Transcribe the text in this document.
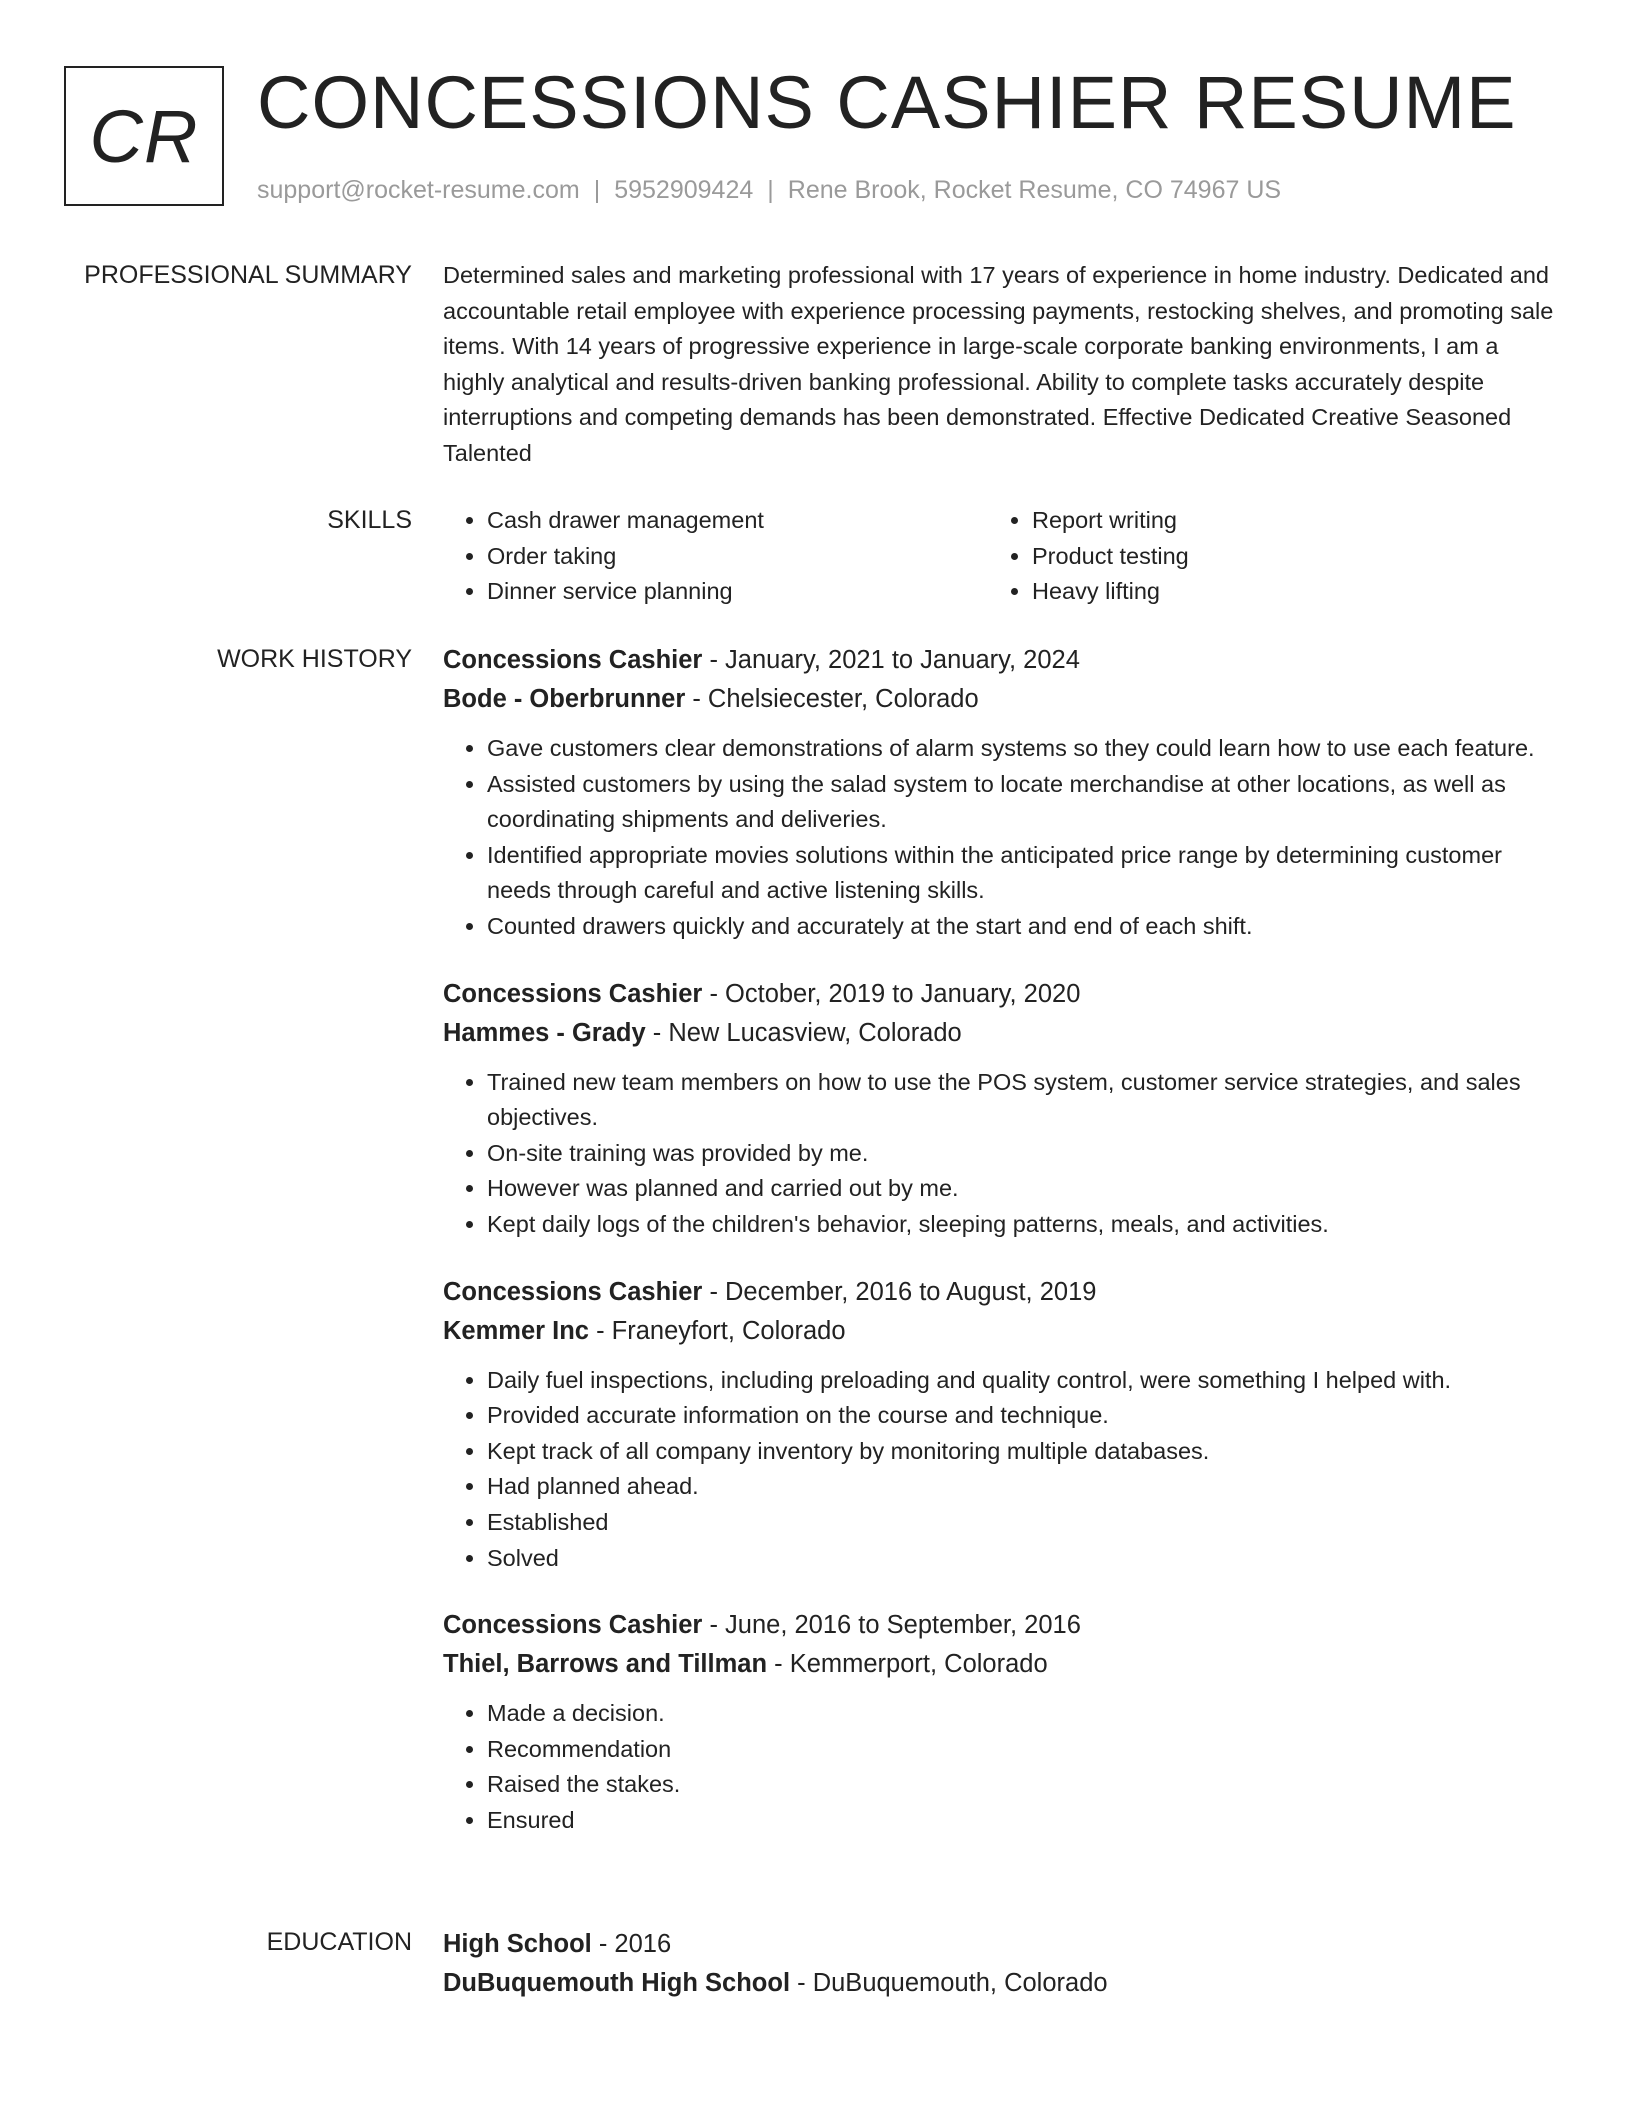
CR CONCESSIONS CASHIER RESUME
support@rocket-resume.com | 5952909424 | Rene Brook, Rocket Resume, CO 74967 US
PROFESSIONAL SUMMARY Determined sales and marketing professional with 17 years of experience in home industry. Dedicated and accountable retail employee with experience processing payments, restocking shelves, and promoting sale items. With 14 years of progressive experience in large-scale corporate banking environments, I am a highly analytical and results-driven banking professional. Ability to complete tasks accurately despite interruptions and competing demands has been demonstrated. Effective Dedicated Creative Seasoned Talented

SKILLS
•	Cash drawer management
• Order taking
• Dinner service planning
• Report writing
• Product testing
• Heavy lifting
WORK HISTORY Concessions Cashier - January, 2021 to January, 2024
Bode - Oberbrunner - Chelsiecester, Colorado
• Gave customers clear demonstrations of alarm systems so they could learn how to use each feature.
• Assisted customers by using the salad system to locate merchandise at other locations, as well as coordinating shipments and deliveries.
• Identified appropriate movies solutions within the anticipated price range by determining customer needs through careful and active listening skills.
• Counted drawers quickly and accurately at the start and end of each shift.
Concessions Cashier - October, 2019 to January, 2020
Hammes - Grady - New Lucasview, Colorado
• Trained new team members on how to use the POS system, customer service strategies, and sales objectives.
• On-site training was provided by me.
• However was planned and carried out by me.
• Kept daily logs of the children's behavior, sleeping patterns, meals, and activities.
Concessions Cashier - December, 2016 to August, 2019
Kemmer Inc - Franeyfort, Colorado
• Daily fuel inspections, including preloading and quality control, were something I helped with.
• Provided accurate information on the course and technique.
• Kept track of all company inventory by monitoring multiple databases.
• Had planned ahead.
• Established
• Solved
Concessions Cashier - June, 2016 to September, 2016
Thiel, Barrows and Tillman - Kemmerport, Colorado
• Made a decision.
• Recommendation
• Raised the stakes.
• Ensured
EDUCATION High School - 2016
DuBuquemouth High School - DuBuquemouth, Colorado
